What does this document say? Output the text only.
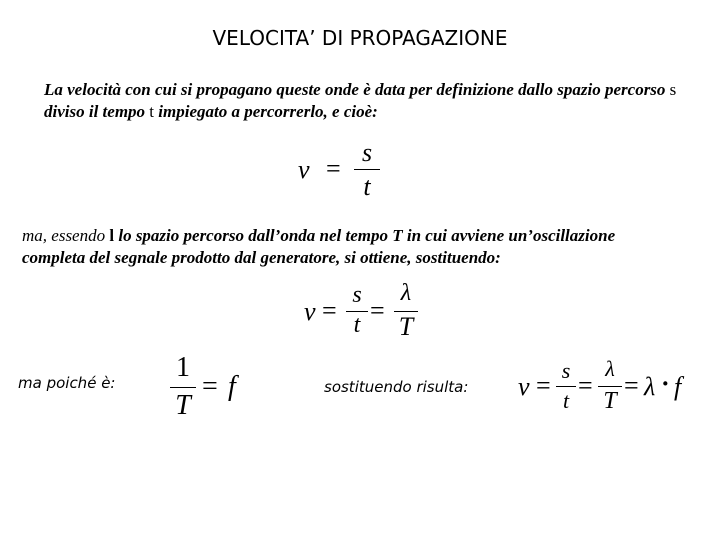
VELOCITA’ DI PROPAGAZIONE
La velocità con cui si propagano queste onde è data per definizione dallo spazio percorso s diviso il tempo t impiegato a percorrerlo, e cioè:
v =
s
t
ma, essendo l lo spazio percorso dall’onda nel tempo T in cui avviene un’oscillazione completa del segnale prodotto dal generatore, si ottiene, sostituendo:
v =
s
t =
λ
T
ma poiché è: 1
T
= f	sostituendo risulta: v =
s
t
=
λ
T
= λ · f
